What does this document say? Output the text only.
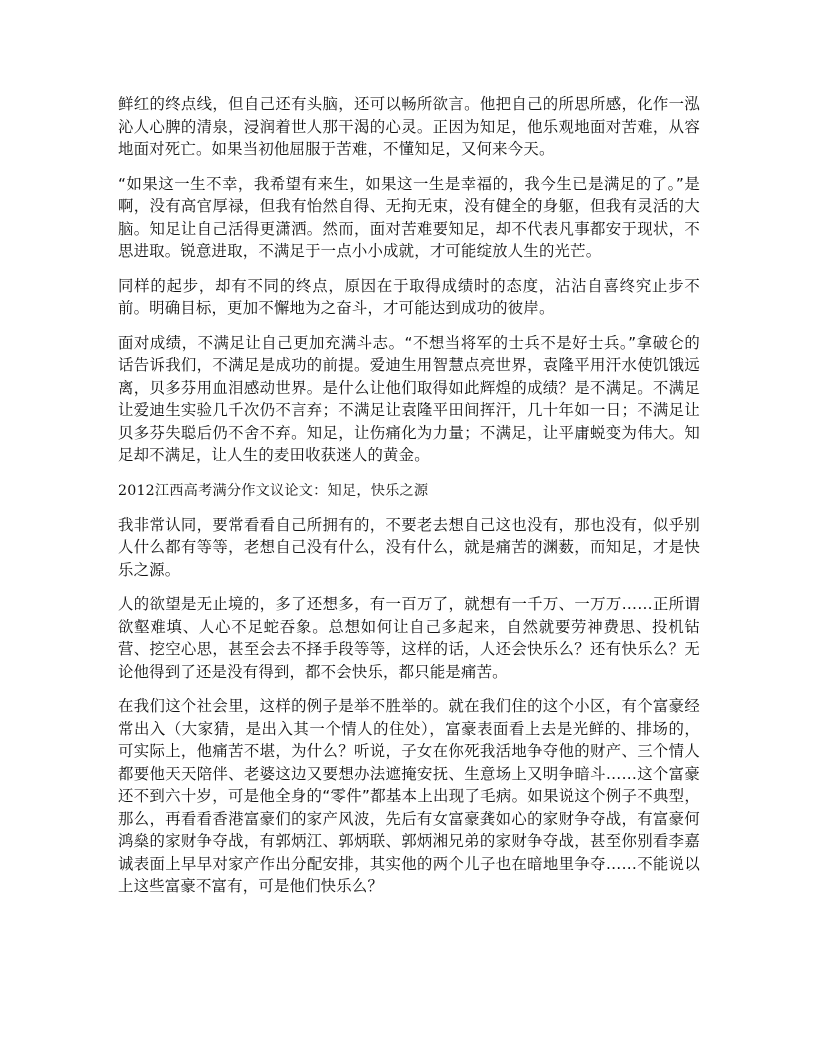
鲜红的终点线，但自己还有头脑，还可以畅所欲言。他把自己的所思所感，化作一泓沁人心脾的清泉，浸润着世人那干渴的心灵。正因为知足，他乐观地面对苦难，从容地面对死亡。如果当初他屈服于苦难，不懂知足，又何来今天。

“如果这一生不幸，我希望有来生，如果这一生是幸福的，我今生已是满足的了。”是啊，没有高官厚禄，但我有怡然自得、无拘无束，没有健全的身躯，但我有灵活的大脑。知足让自己活得更潇洒。然而，面对苦难要知足，却不代表凡事都安于现状，不思进取。锐意进取，不满足于一点小小成就，才可能绽放人生的光芒。

同样的起步，却有不同的终点，原因在于取得成绩时的态度，沾沾自喜终究止步不前。明确目标，更加不懈地为之奋斗，才可能达到成功的彼岸。

面对成绩，不满足让自己更加充满斗志。“不想当将军的士兵不是好士兵。”拿破仑的话告诉我们，不满足是成功的前提。爱迪生用智慧点亮世界，袁隆平用汗水使饥饿远离，贝多芬用血泪感动世界。是什么让他们取得如此辉煌的成绩？是不满足。不满足让爱迪生实验几千次仍不言弃；不满足让袁隆平田间挥汗，几十年如一日；不满足让贝多芬失聪后仍不舍不弃。知足，让伤痛化为力量；不满足，让平庸蜕变为伟大。知足却不满足，让人生的麦田收获迷人的黄金。

2012江西高考满分作文议论文：知足，快乐之源

我非常认同，要常看看自己所拥有的，不要老去想自己这也没有，那也没有，似乎别人什么都有等等，老想自己没有什么，没有什么，就是痛苦的渊薮，而知足，才是快乐之源。

人的欲望是无止境的，多了还想多，有一百万了，就想有一千万、一万万……正所谓欲壑难填、人心不足蛇吞象。总想如何让自己多起来，自然就要劳神费思、投机钻营、挖空心思，甚至会去不择手段等等，这样的话，人还会快乐么？还有快乐么？无论他得到了还是没有得到，都不会快乐，都只能是痛苦。

在我们这个社会里，这样的例子是举不胜举的。就在我们住的这个小区，有个富豪经常出入（大家猜，是出入其一个情人的住处），富豪表面看上去是光鲜的、排场的，可实际上，他痛苦不堪，为什么？听说，子女在你死我活地争夺他的财产、三个情人都要他天天陪伴、老婆这边又要想办法遮掩安抚、生意场上又明争暗斗……这个富豪还不到六十岁，可是他全身的“零件”都基本上出现了毛病。如果说这个例子不典型，那么，再看看香港富豪们的家产风波，先后有女富豪龚如心的家财争夺战，有富豪何鸿燊的家财争夺战，有郭炳江、郭炳联、郭炳湘兄弟的家财争夺战，甚至你别看李嘉诚表面上早早对家产作出分配安排，其实他的两个儿子也在暗地里争夺……不能说以上这些富豪不富有，可是他们快乐么？
